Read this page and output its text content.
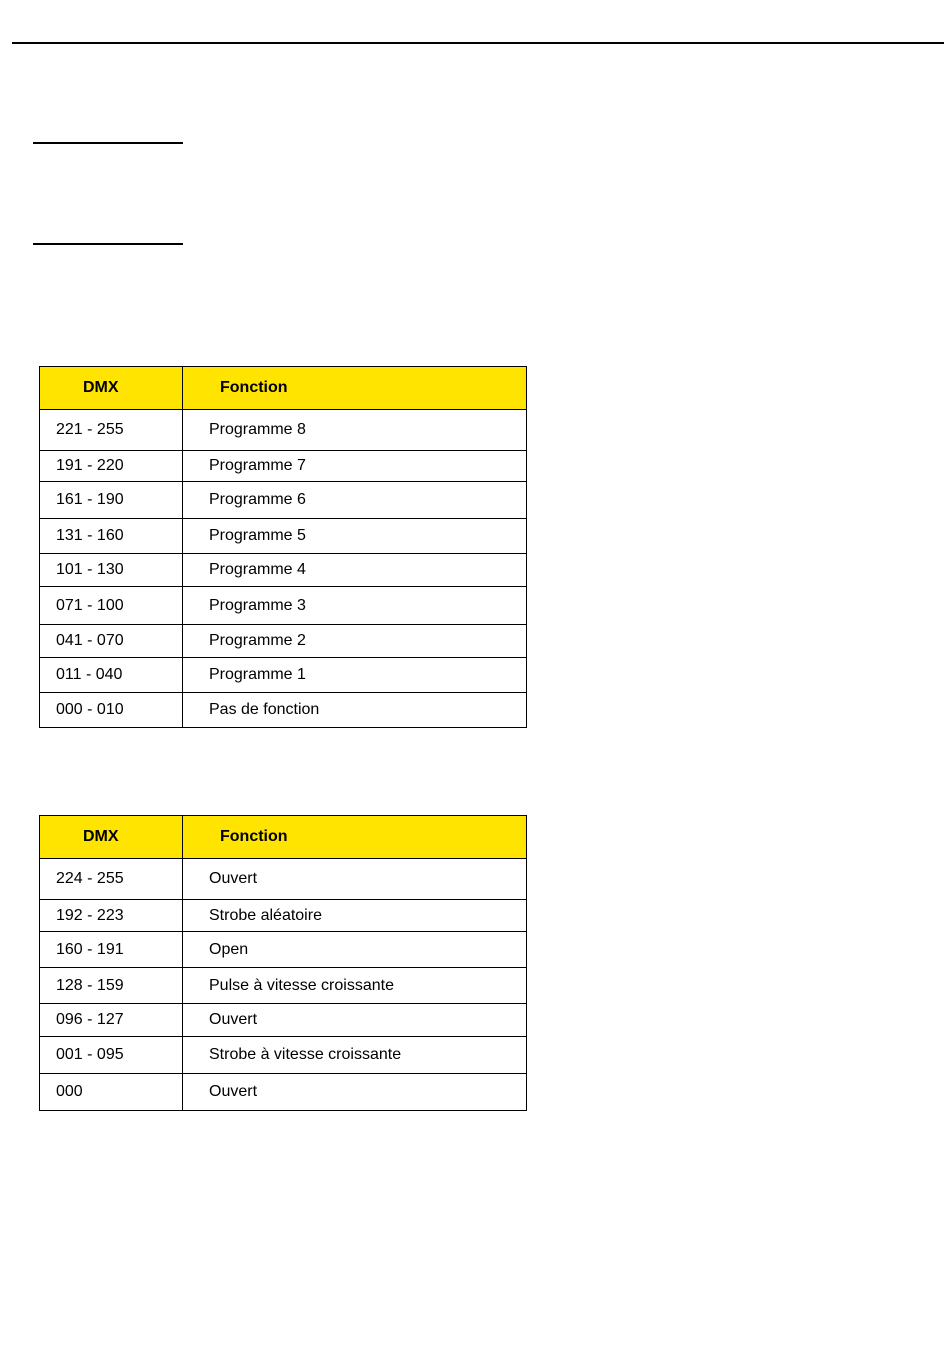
DMX	Fonction
221 - 255	Programme 8
191 - 220	Programme 7
161 - 190	Programme 6
131 - 160	Programme 5
101 - 130	Programme 4
071 - 100	Programme 3
041 - 070	Programme 2
011 - 040	Programme 1
000 - 010	Pas de fonction
DMX	Fonction
224 - 255	Ouvert
192 - 223	Strobe aléatoire
160 - 191	Open
128 - 159	Pulse à vitesse croissante
096 - 127	Ouvert
001 - 095	Strobe à vitesse croissante
000	Ouvert
